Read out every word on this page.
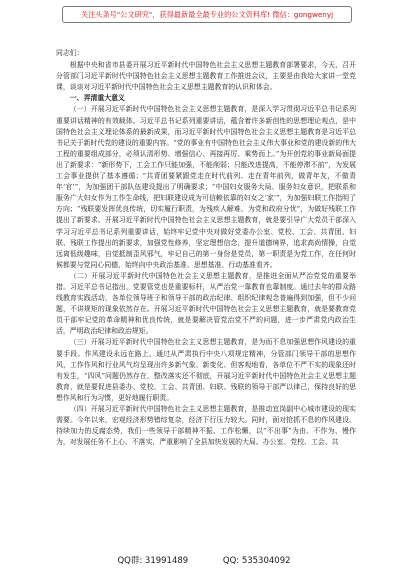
关注头条号"公文研究"，获得最新最全最专业的公文资料库! 微信：gongwenyj

同志们：

根据中央和省市县委开展习近平新时代中国特色社会主义思想主题教育部署要求，今天，召开分管部门习近平新时代中国特色社会主义思想主题教育工作推进会议，主要是由我给大家讲一堂党课，谈谈对习近平新时代中国特色社会主义思想主题教育的认识和体会。

一、弄清重大意义

（一）开展习近平新时代中国特色社会主义思想主题教育，是深入学习贯彻习近平总书记系列重要讲话精神的有效载体。习近平总书记系列重要讲话，蕴含着许多新创性的思想理论观点，是中国特色社会主义理论体系的最新成果，而习近平新时代中国特色社会主义思想主题教育是习近平总书记关于新时代党的建设的重要内容。“党的事业有中国特色社会主义伟大事业和党的建设新的伟大工程的重要组成部分，必须认清形势、增强信心、再接再厉、乘势而上。”为开创党的事业新局面提出了新要求：“新形势下，工会工作只能加强，不能削弱；只能改进提高，不能停滞不前”，为发展工会事业提供了基本遵循；“共青团要紧跟党走在时代前列、走在青年前列，做青年友，不做青年‘官’”，为加强团干部队伍建设提出了明确要求；“中国妇女服务大局、服务妇女意识，把联系和服务广大妇女作为工作生命线，把妇联建设成为可信赖依靠的妇女之‘家’”，为加强妇联工作指明了方向；“残联要发挥优良传统，切实履行职责，为残疾人解难、为党和政府分忧”，为做好残联工作提出了新要求。开展习近平新时代中国特色社会主义思想主题教育，就是要引导广大党员干部深入学习习近平总书记系列重要讲话，始终牢记党中央对做好党委办公室、党校、工会、共青团、妇联、残联工作提出的新要求，加强党性修养，坚定理想信念，提升道德境界，追求高尚情操，自觉远离低级趣味，自觉抵制歪风邪气，牢记自己的第一身份是党员，第一职责是为党工作，在任何时候都要与党同心同德，始终向中央政治基准、思想基准、行动基准看齐。

（二）开展习近平新时代中国特色社会主义思想主题教育，是推进全面从严治党党的重要举措。习近平总书记指出，党要管党也是重要标杆，从严治党一靠教育也靠制度。通过去年的群众路线教育实践活动，各单位领导班子和领导干部的政治纪律、组织纪律观念普遍得到加强，但不少问题，不讲规矩的现象依然存在。开展习近平新时代中国特色社会主义思想主题教育，就是要教育党员干部牢记党的革命精神和优良传统，就是要解决管党治党不严的问题，进一步严肃党内政治生活，严明政治纪律和政治规矩。

（三）开展习近平新时代中国特色社会主义思想主题教育，是为而不息加强思想作风建设的重要手段。作风建设永远在路上。通过从严肃执行中央八项规定精神，分管部门领导干部的思想作风，工作作风和行业风气均呈现出许多新气象、新变化、但客观地看，各单位不严不实的现象还时有发生，“四风”问题仍然存在，整改落实还不彻底，开展习近平新时代中国特色社会主义思想主题教育，就是要促进县委办、党校、工会、共青团、妇联、残联的领导干部严以律己，保持良好的思想作风和行为习惯，更好地履行职责。

（四）开展习近平新时代中国特色社会主义思想主题教育，是推动宜岗副中心城市建设的现实需要。今年以来，宏观经济形势错综复杂，经济下行压力较大。同时，面对抢抓不息的作风建设、持续加力的反腐态势，我们一些领导干部精神不振、工作松懈，以“不出事”为由、不作为、慢作为，对发展任务不上心、不落实，严重影响了全县加快发展的大局。办公室、党校、工会、共

QQ群: 31991489	QQ: 535304092
